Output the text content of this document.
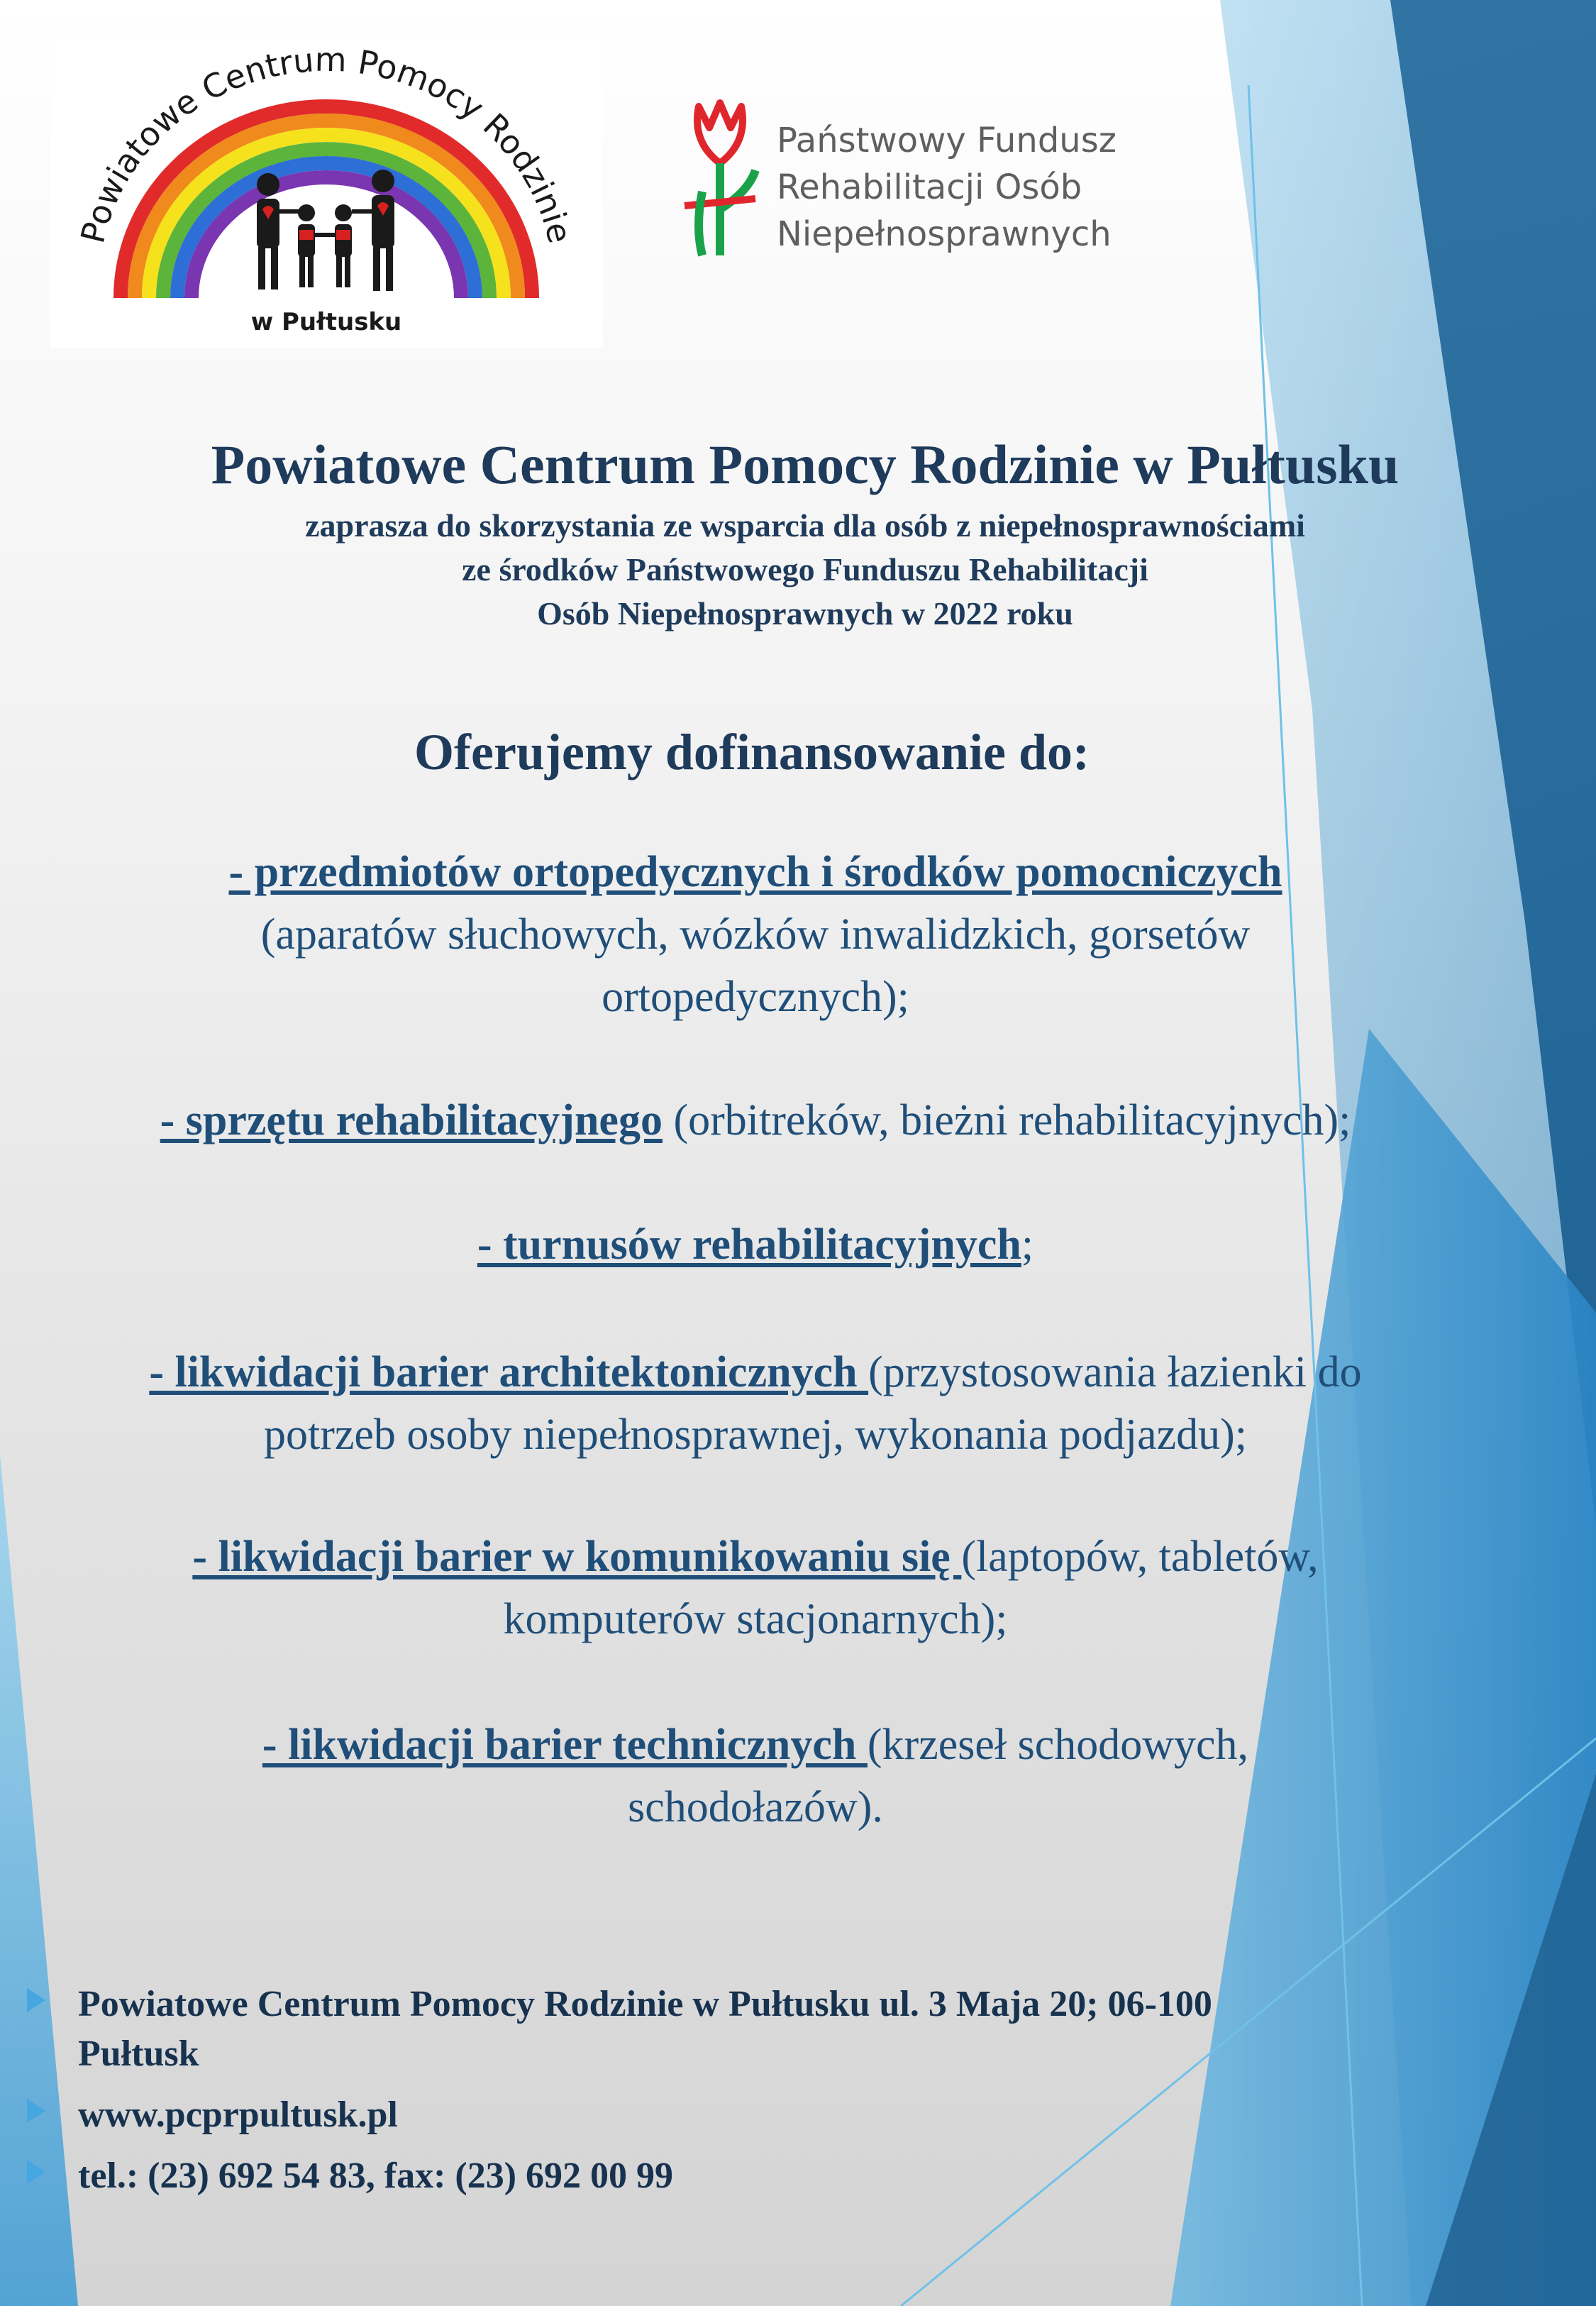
Powiatowe Centrum Pomocy Rodzinie
w Pułtusku
Państwowy Fundusz
Rehabilitacji Osób
Niepełnosprawnych
Powiatowe Centrum Pomocy Rodzinie w Pułtusku
zaprasza do skorzystania ze wsparcia dla osób z niepełnosprawnościami
ze środków Państwowego Funduszu Rehabilitacji
Osób Niepełnosprawnych w 2022 roku
Oferujemy dofinansowanie do:
- przedmiotów ortopedycznych i środków pomocniczych
(aparatów słuchowych, wózków inwalidzkich, gorsetów
ortopedycznych);
- sprzętu rehabilitacyjnego (orbitreków, bieżni rehabilitacyjnych);
- turnusów rehabilitacyjnych;
- likwidacji barier architektonicznych (przystosowania łazienki do
potrzeb osoby niepełnosprawnej, wykonania podjazdu);
- likwidacji barier w komunikowaniu się (laptopów, tabletów,
komputerów stacjonarnych);
- likwidacji barier technicznych (krzeseł schodowych,
schodołazów).
Powiatowe Centrum Pomocy Rodzinie w Pułtusku ul. 3 Maja 20; 06-100
Pułtusk
www.pcprpultusk.pl
tel.: (23) 692 54 83, fax: (23) 692 00 99
